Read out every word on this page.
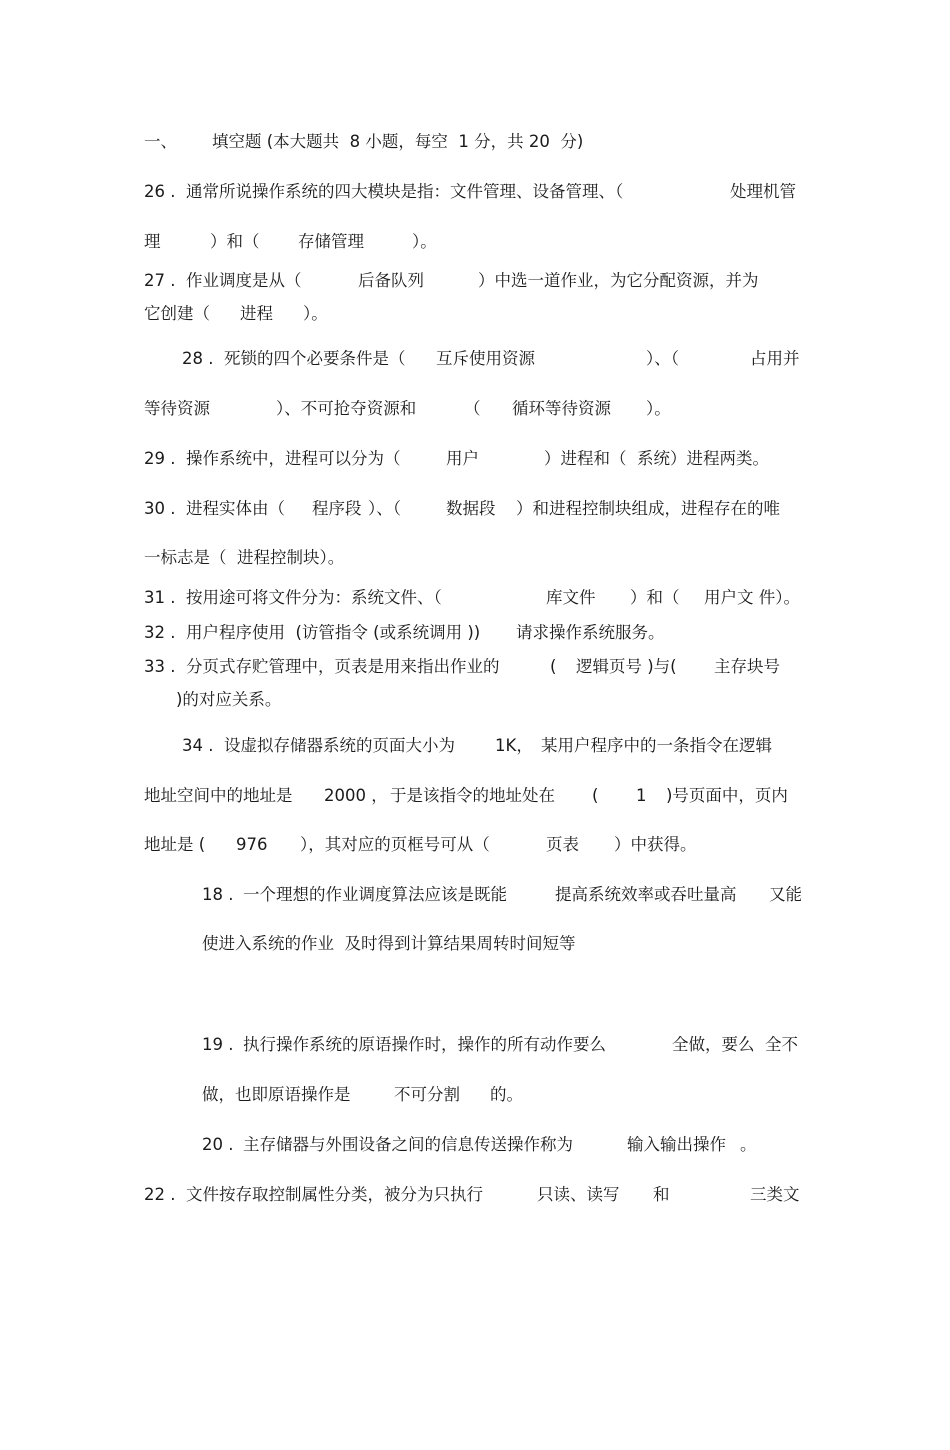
一、

填空题 (本大题共  8 小题，每空  1 分，共 20  分)

26 .

通常所说操作系统的四大模块是指：文件管理、设备管理、（

	处理机管

理

	）和（

存储管理

	）。

27 .

作业调度是从（

	后备队列

	）中选一道作业，为它分配资源，并为

它创建（

进程

）。

28 .

死锁的四个必要条件是（

互斥使用资源

	）、（

	占用并

等待资源

	）、不可抢夺资源和

	（

循环等待资源

）。

29 .

操作系统中，进程可以分为（

	用户

	）进程和（  系统）进程两类。

30 .

进程实体由（

程序段

）、（

	数据段

）和进程控制块组成，进程存在的唯

一标志是（  进程控制块）。

31 .

按用途可将文件分为：系统文件、（

	库文件

）和（

用户文 件）。

32 .

用户程序使用  (访管指令 (或系统调用 ))

请求操作系统服务。

33 .

分页式存贮管理中，页表是用来指出作业的

	(

逻辑页号 )与(

主存块号

)的对应关系。

34 .

设虚拟存储器系统的页面大小为

1K，

某用户程序中的一条指令在逻辑

地址空间中的地址是

2000 ，

于是该指令的地址处在

(

1

)号页面中，页内

地址是 (

976

），其对应的页框号可从（

	页表

）中获得。

18 .

一个理想的作业调度算法应该是既能

	提高系统效率或吞吐量高

又能

使进入系统的作业  及时得到计算结果周转时间短等

19 .

执行操作系统的原语操作时，操作的所有动作要么

	全做，要么  全不

做，也即原语操作是

	不可分割

的。

20 .

主存储器与外围设备之间的信息传送操作称为

	输入输出操作

。

22 .

文件按存取控制属性分类，被分为只执行

	只读、读写

和

	三类文
